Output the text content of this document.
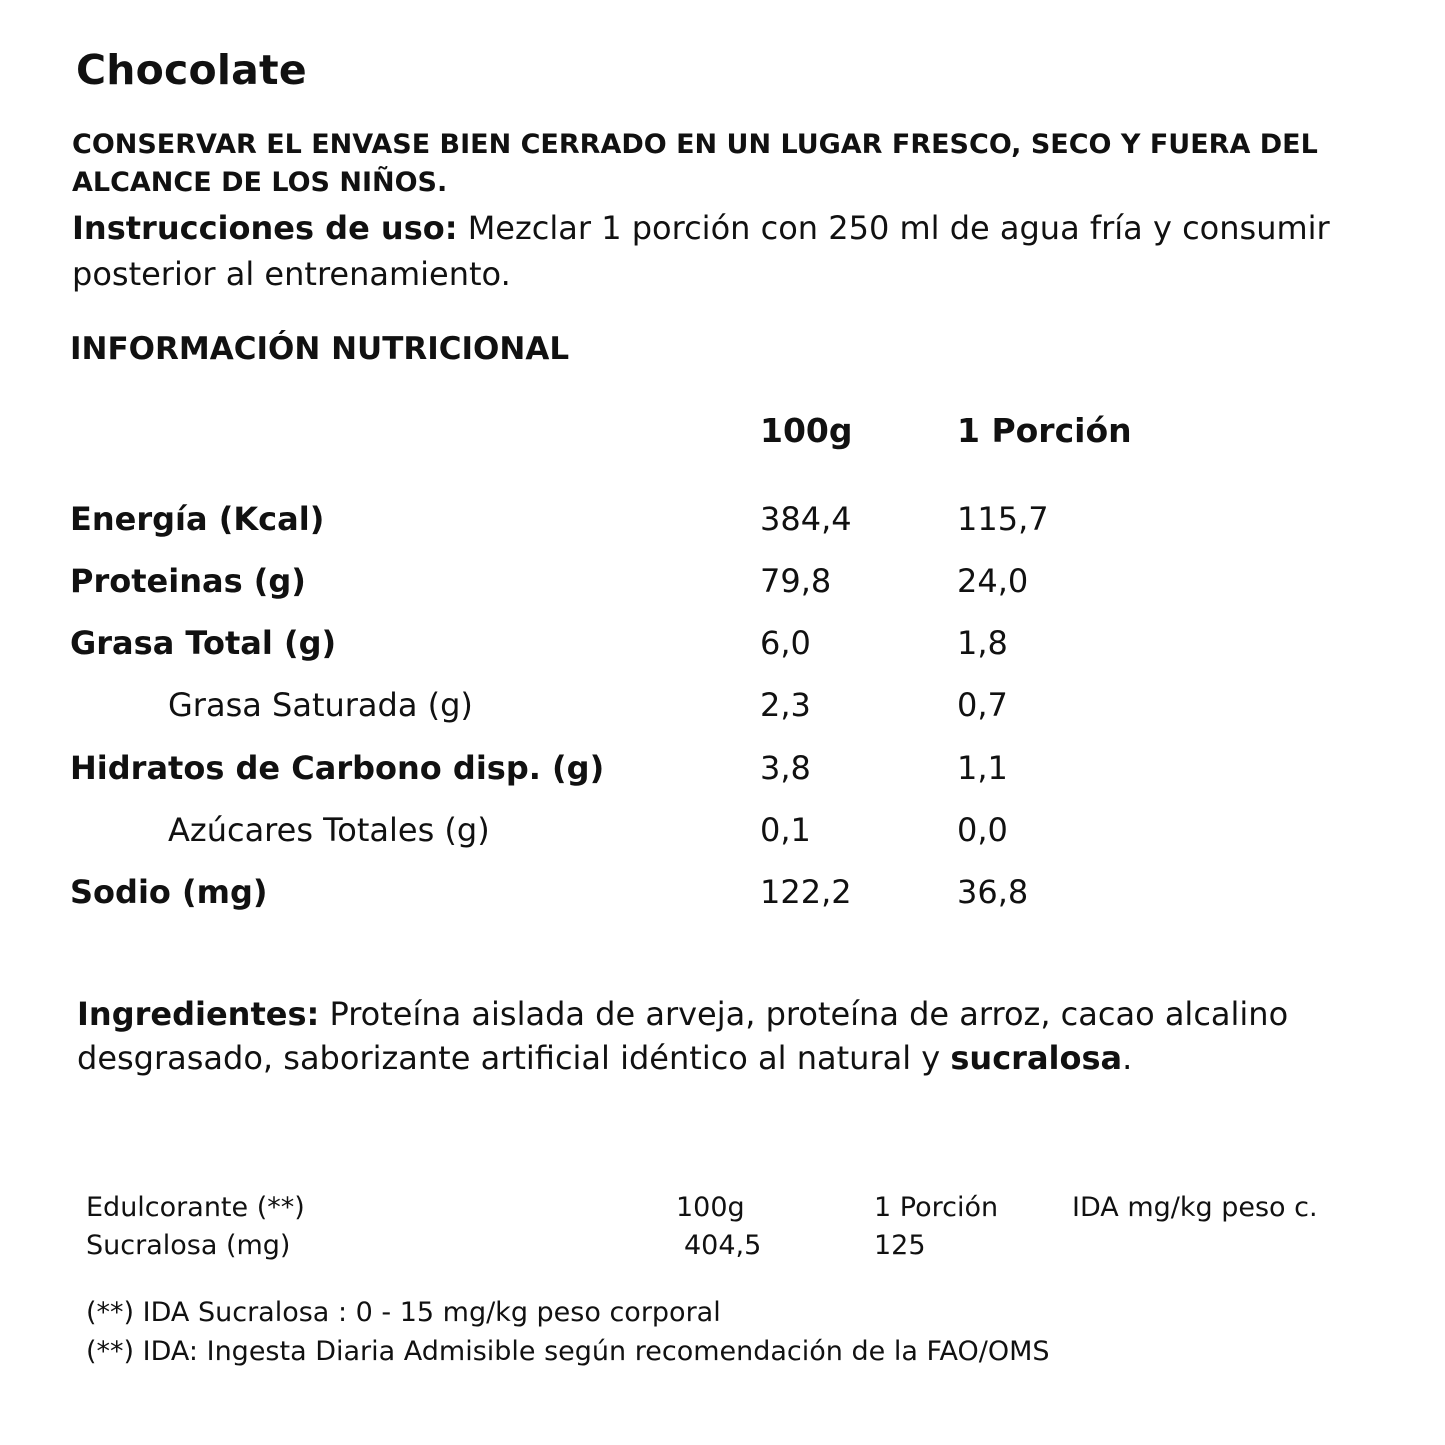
Chocolate
CONSERVAR EL ENVASE BIEN CERRADO EN UN LUGAR FRESCO, SECO Y FUERA DEL ALCANCE DE LOS NIÑOS.
Instrucciones de uso: Mezclar 1 porción con 250 ml de agua fría y consumir posterior al entrenamiento.
INFORMACIÓN NUTRICIONAL
100g	1 Porción
Energía (Kcal)	384,4	115,7
Proteinas (g)	79,8	24,0
Grasa Total (g)	6,0	1,8
Grasa Saturada (g)	2,3	0,7
Hidratos de Carbono disp. (g)	3,8	1,1
Azúcares Totales (g)	0,1	0,0
Sodio (mg)	122,2	36,8
Ingredientes: Proteína aislada de arveja, proteína de arroz, cacao alcalino desgrasado, saborizante artificial idéntico al natural y sucralosa.
Edulcorante (**)	100g	1 Porción	IDA mg/kg peso c.
Sucralosa (mg)	404,5	125
(**) IDA Sucralosa : 0 - 15 mg/kg peso corporal
(**) IDA: Ingesta Diaria Admisible según recomendación de la FAO/OMS
